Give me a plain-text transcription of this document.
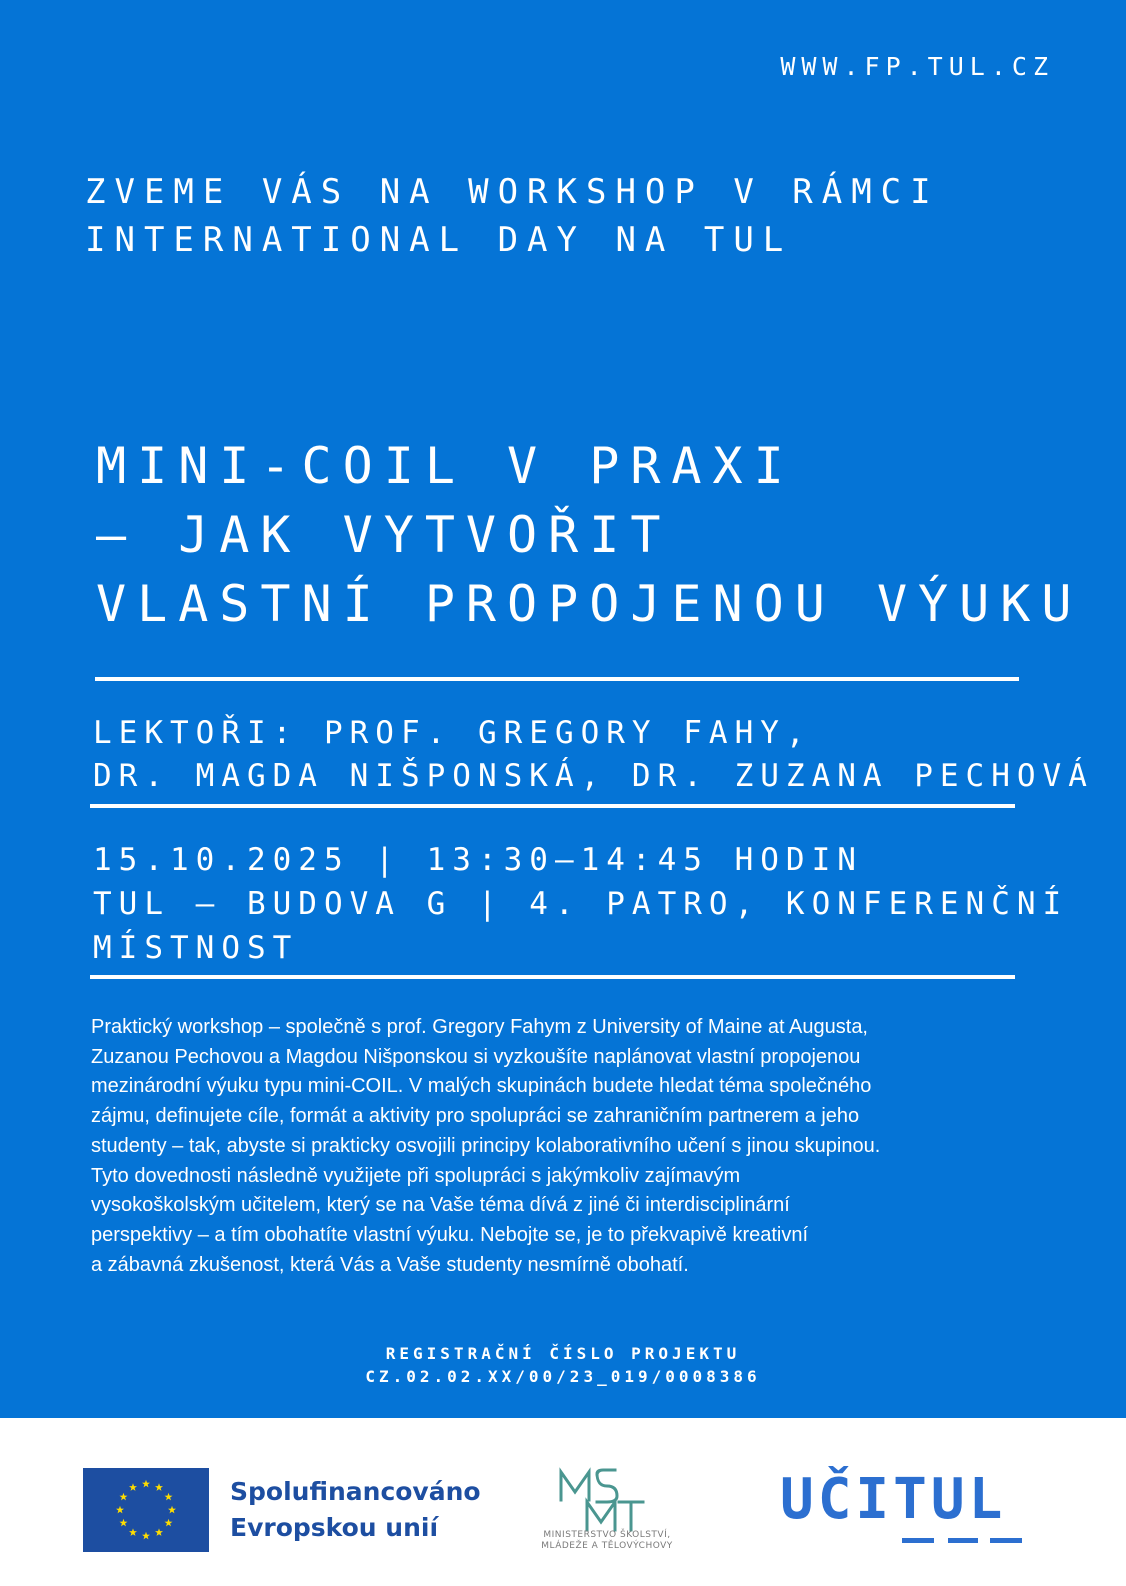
WWW.FP.TUL.CZ
ZVEME VÁS NA WORKSHOP V RÁMCI
INTERNATIONAL DAY NA TUL
MINI-COIL V PRAXI
– JAK VYTVOŘIT
VLASTNÍ PROPOJENOU VÝUKU
LEKTOŘI: PROF. GREGORY FAHY,
DR. MAGDA NIŠPONSKÁ, DR. ZUZANA PECHOVÁ
15.10.2025 | 13:30–14:45 HODIN
TUL – BUDOVA G | 4. PATRO, KONFERENČNÍ
MÍSTNOST
Praktický workshop – společně s prof. Gregory Fahym z University of Maine at Augusta,
Zuzanou Pechovou a Magdou Nišponskou si vyzkoušíte naplánovat vlastní propojenou
mezinárodní výuku typu mini-COIL. V malých skupinách budete hledat téma společného
zájmu, definujete cíle, formát a aktivity pro spolupráci se zahraničním partnerem a jeho
studenty – tak, abyste si prakticky osvojili principy kolaborativního učení s jinou skupinou.
Tyto dovednosti následně využijete při spolupráci s jakýmkoliv zajímavým
vysokoškolským učitelem, který se na Vaše téma dívá z jiné či interdisciplinární
perspektivy – a tím obohatíte vlastní výuku. Nebojte se, je to překvapivě kreativní
a zábavná zkušenost, která Vás a Vaše studenty nesmírně obohatí.
REGISTRAČNÍ ČÍSLO PROJEKTU
CZ.02.02.XX/00/23_019/0008386
Spolufinancováno
Evropskou unií	MINISTERSTVO ŠKOLSTVÍ,
MLÁDEŽE A TĚLOVÝCHOVY
UČITUL
